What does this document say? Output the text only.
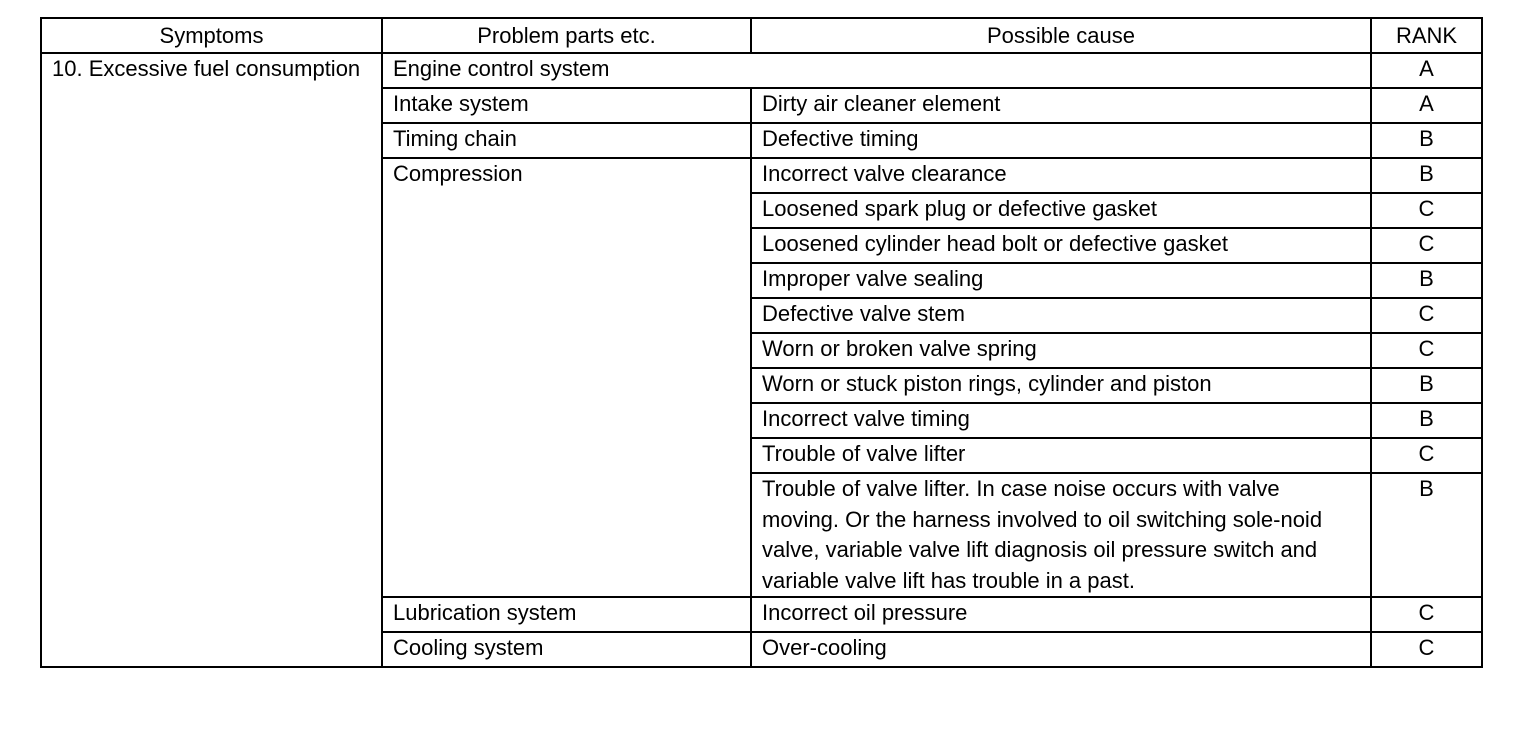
Symptoms	Problem parts etc.	Possible cause	RANK
10. Excessive fuel consumption	Engine control system		A
	Intake system	Dirty air cleaner element	A
	Timing chain	Defective timing	B
	Compression	Incorrect valve clearance	B
		Loosened spark plug or defective gasket	C
		Loosened cylinder head bolt or defective gasket	C
		Improper valve sealing	B
		Defective valve stem	C
		Worn or broken valve spring	C
		Worn or stuck piston rings, cylinder and piston	B
		Incorrect valve timing	B
		Trouble of valve lifter	C
		Trouble of valve lifter. In case noise occurs with valve moving. Or the harness involved to oil switching sole-noid valve, variable valve lift diagnosis oil pressure switch and variable valve lift has trouble in a past.	B
	Lubrication system	Incorrect oil pressure	C
	Cooling system	Over-cooling	C
